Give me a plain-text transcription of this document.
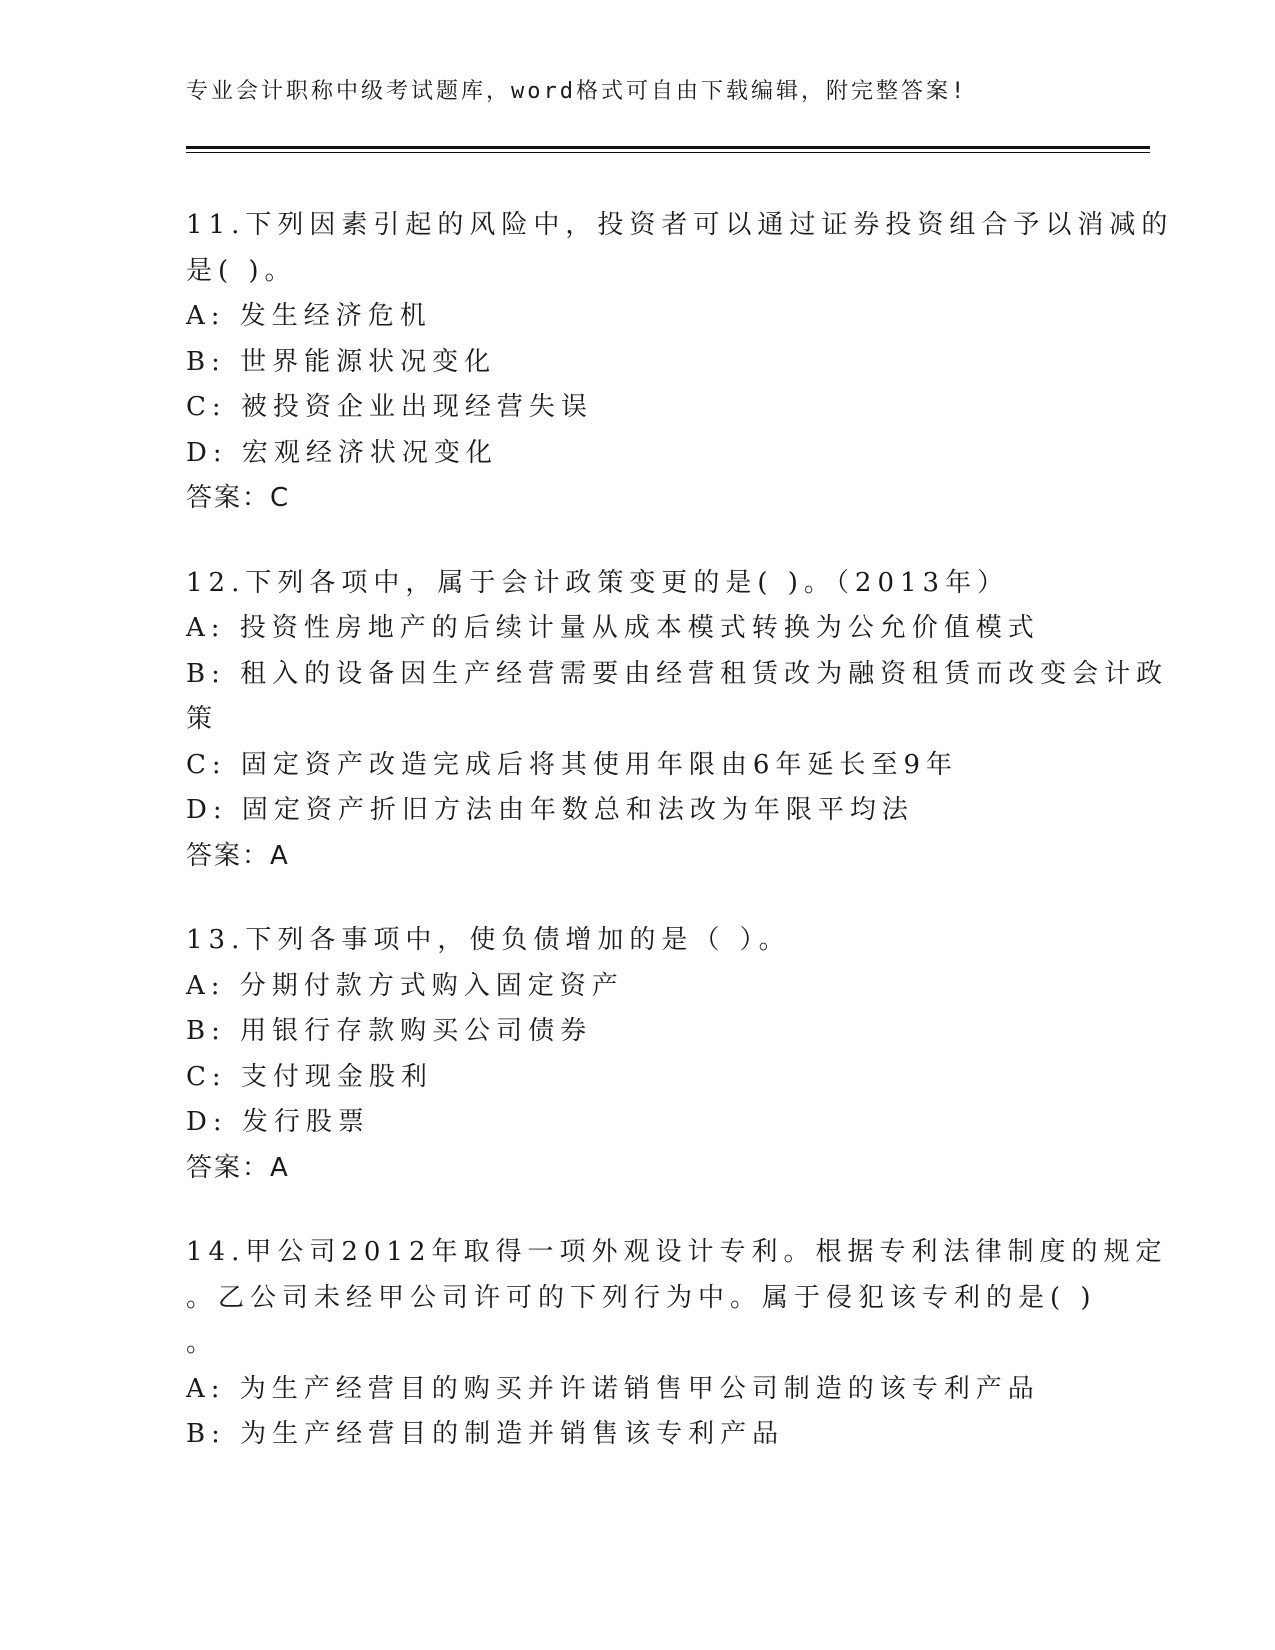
专业会计职称中级考试题库，word格式可自由下载编辑，附完整答案!
11.下列因素引起的风险中，投资者可以通过证券投资组合予以消减的
是( )。
A: 发生经济危机
B: 世界能源状况变化
C: 被投资企业出现经营失误
D: 宏观经济状况变化
答案：C
12.下列各项中，属于会计政策变更的是( )。（2013年）
A: 投资性房地产的后续计量从成本模式转换为公允价值模式
B: 租入的设备因生产经营需要由经营租赁改为融资租赁而改变会计政
策
C: 固定资产改造完成后将其使用年限由6年延长至9年
D: 固定资产折旧方法由年数总和法改为年限平均法
答案：A
13.下列各事项中，使负债增加的是（ ）。
A: 分期付款方式购入固定资产
B: 用银行存款购买公司债券
C: 支付现金股利
D: 发行股票
答案：A
14.甲公司2012年取得一项外观设计专利。根据专利法律制度的规定
。乙公司未经甲公司许可的下列行为中。属于侵犯该专利的是( )
。
A: 为生产经营目的购买并许诺销售甲公司制造的该专利产品
B: 为生产经营目的制造并销售该专利产品
